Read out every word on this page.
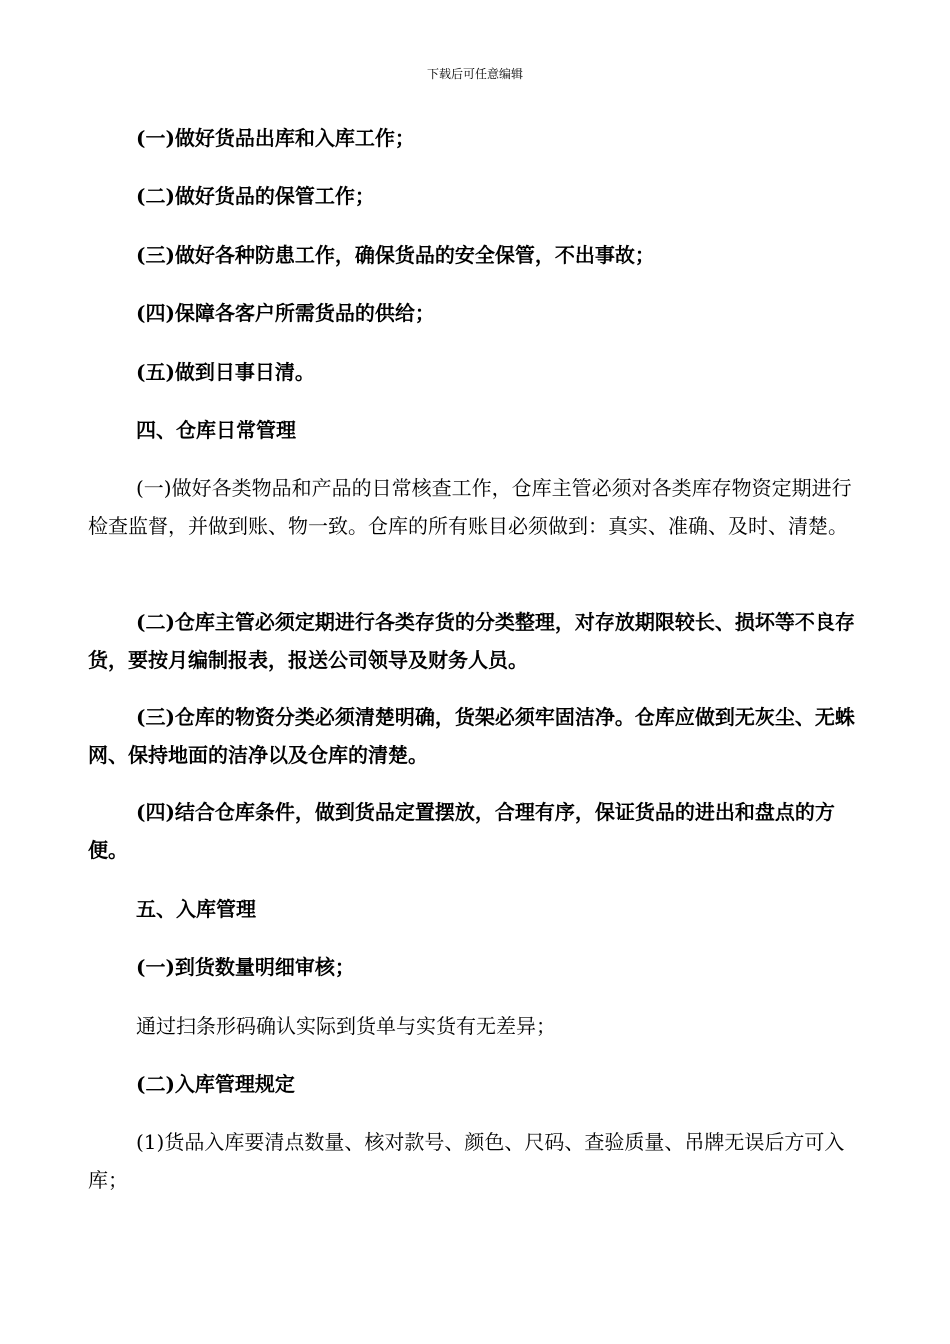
下载后可任意编辑

(一)做好货品出库和入库工作；

(二)做好货品的保管工作；

(三)做好各种防患工作，确保货品的安全保管，不出事故；

(四)保障各客户所需货品的供给；

(五)做到日事日清。

四、仓库日常管理

(一)做好各类物品和产品的日常核查工作，仓库主管必须对各类库存物资定期进行检查监督，并做到账、物一致。仓库的所有账目必须做到：真实、准确、及时、清楚。

(二)仓库主管必须定期进行各类存货的分类整理，对存放期限较长、损坏等不良存货，要按月编制报表，报送公司领导及财务人员。

(三)仓库的物资分类必须清楚明确，货架必须牢固洁净。仓库应做到无灰尘、无蛛网、保持地面的洁净以及仓库的清楚。

(四)结合仓库条件，做到货品定置摆放，合理有序，保证货品的进出和盘点的方便。

五、入库管理

(一)到货数量明细审核；

通过扫条形码确认实际到货单与实货有无差异；

(二)入库管理规定

(1)货品入库要清点数量、核对款号、颜色、尺码、查验质量、吊牌无误后方可入库；
